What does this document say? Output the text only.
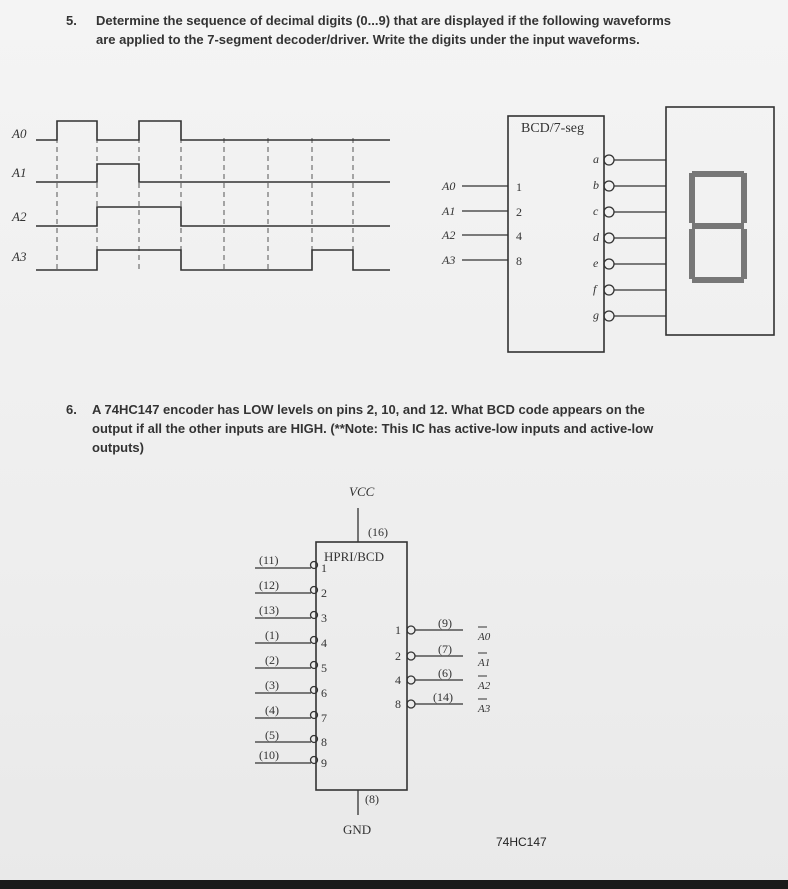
5. Determine the sequence of decimal digits (0...9) that are displayed if the following waveforms
are applied to the 7-segment decoder/driver. Write the digits under the input waveforms.
A0
A1
A2
A3
BCD/7-seg
A0
A1
A2
A3
1
2
4
8
a
b
c
d
e
f
g
6. A 74HC147 encoder has LOW levels on pins 2, 10, and 12. What BCD code appears on the
output if all the other inputs are HIGH. (**Note: This IC has active-low inputs and active-low
outputs)
VCC
(16)
HPRI/BCD
(11)
(12)
(13)
(1)
(2)
(3)
(4)
(5)
(10)
1
2
3
4
5
6
7
8
9
1
2
4
8
(9)
(7)
(6)
(14)
A0
A1
A2
A3
(8)
GND
74HC147
